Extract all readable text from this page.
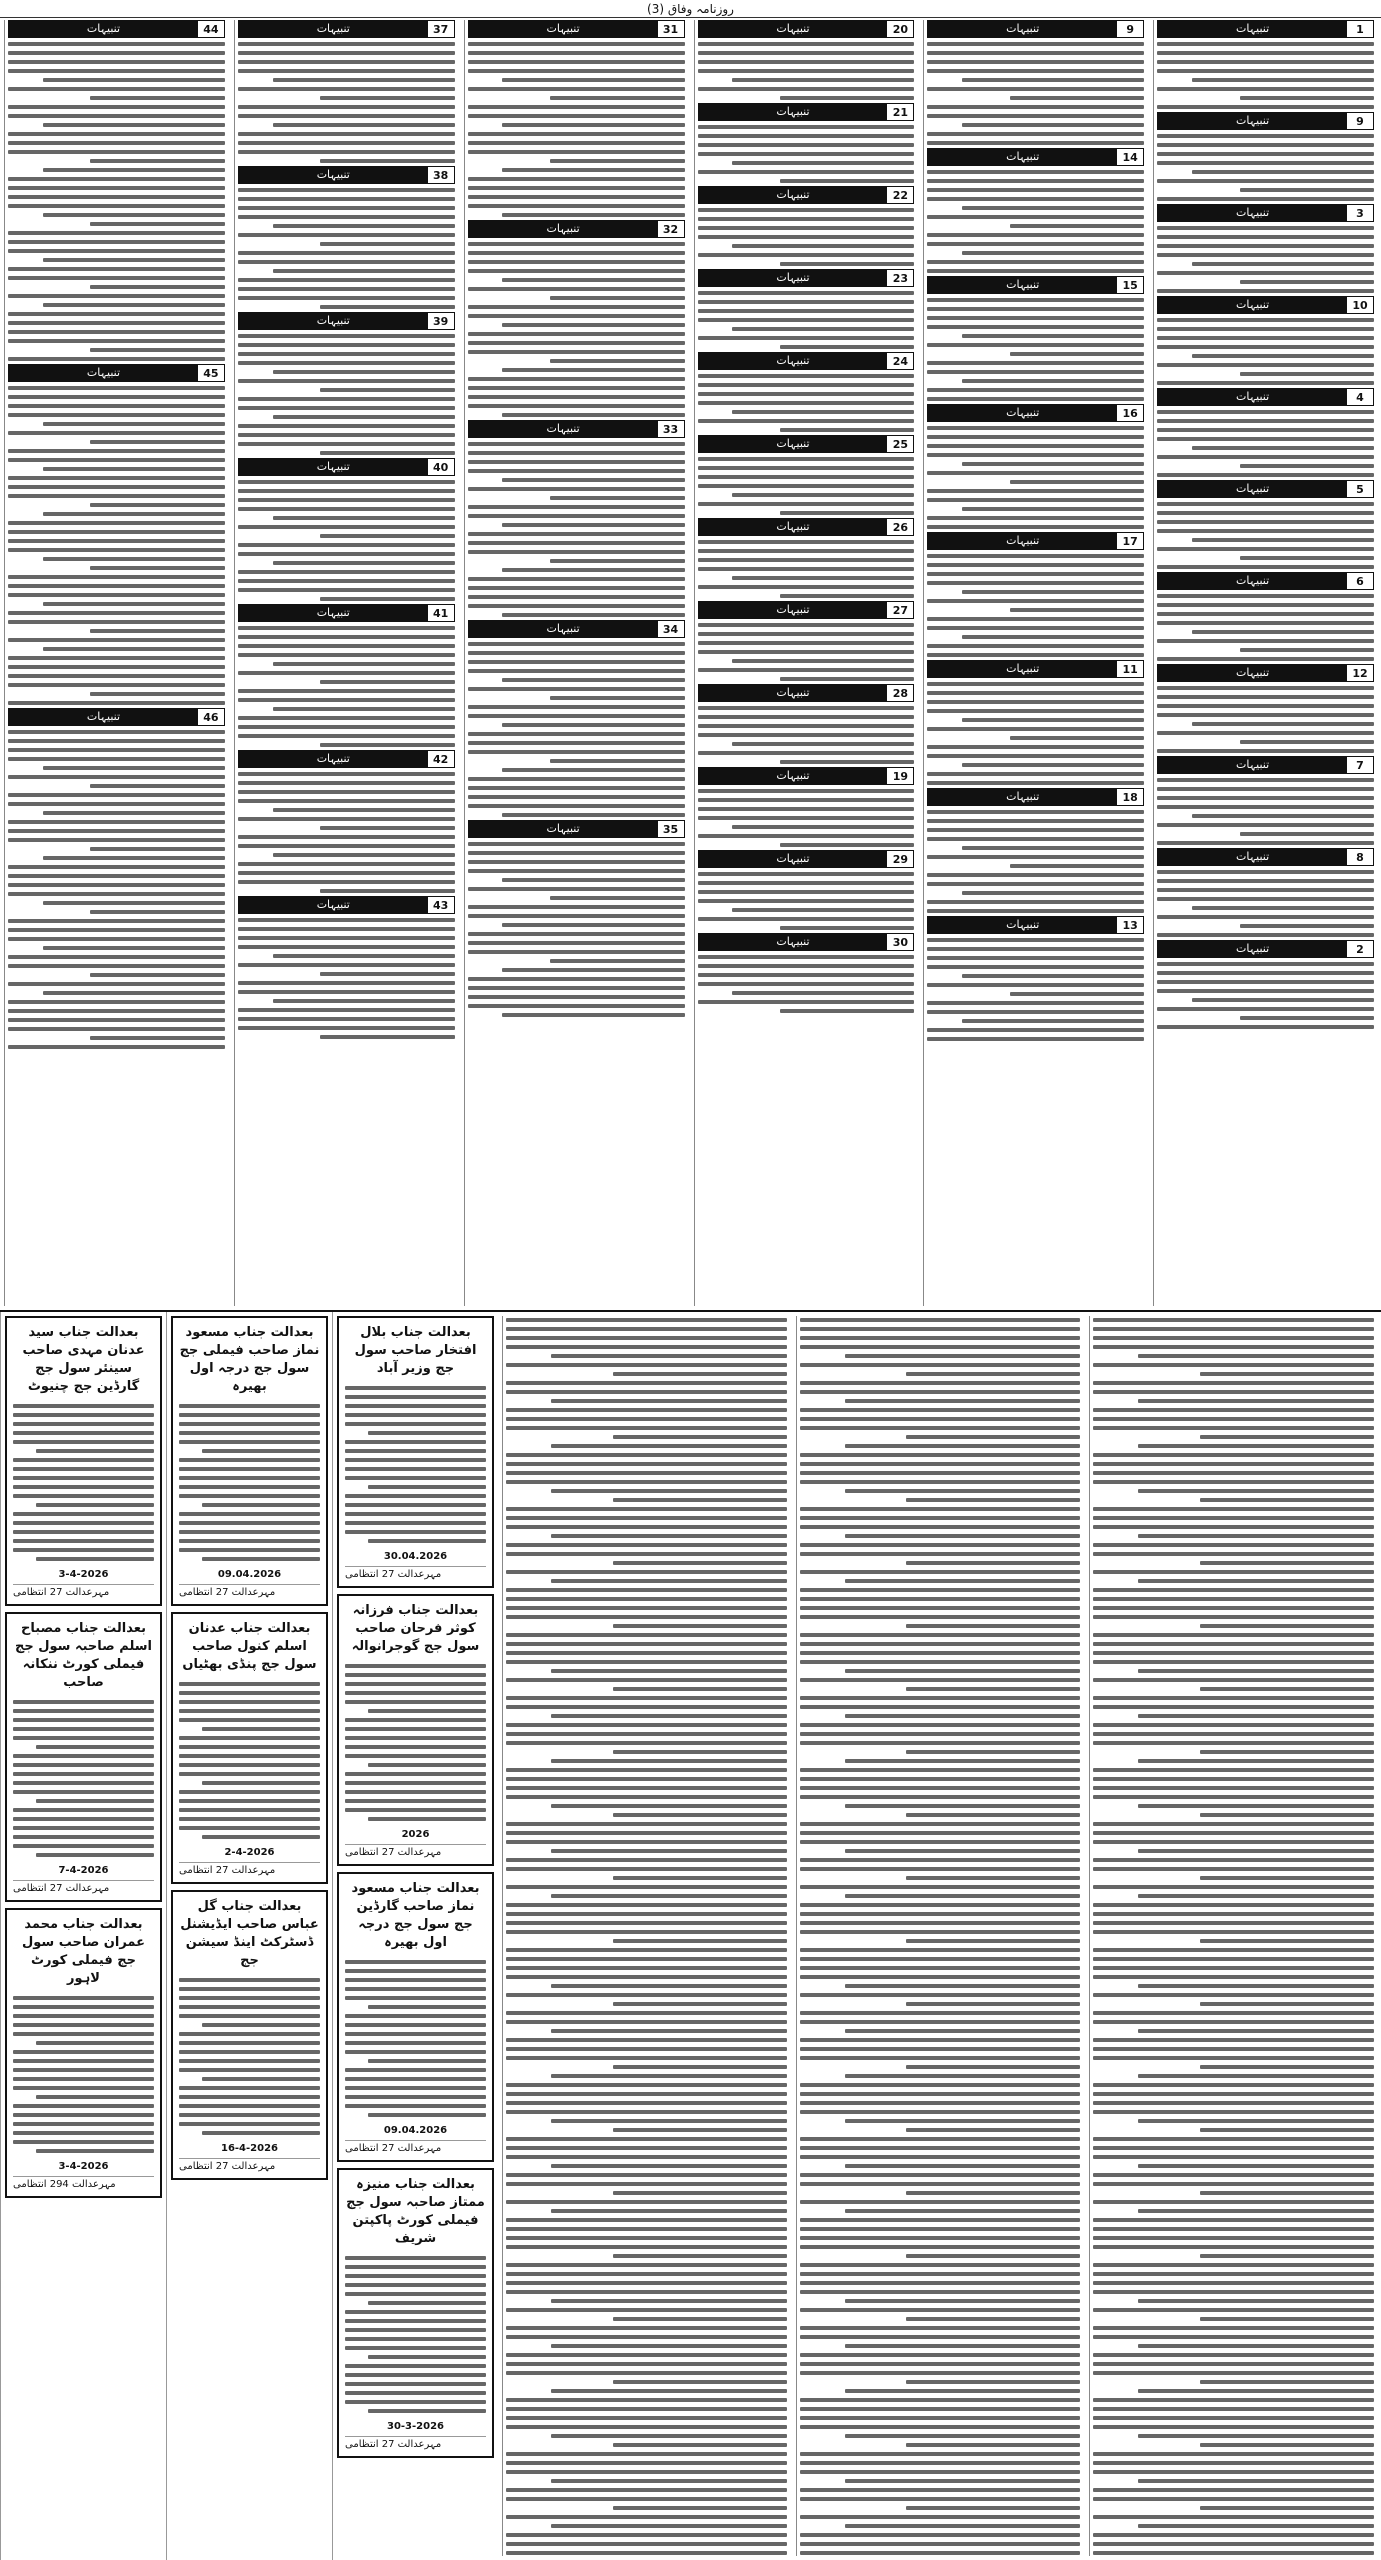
روزنامہ وفاق (3)
1
تنبیہات
9
تنبیہات
3
تنبیہات
10
تنبیہات
4
تنبیہات
5
تنبیہات
6
تنبیہات
12
تنبیہات
7
تنبیہات
8
تنبیہات
2
تنبیہات
9
تنبیہات
14
تنبیہات
15
تنبیہات
16
تنبیہات
17
تنبیہات
11
تنبیہات
18
تنبیہات
13
تنبیہات
20
تنبیہات
21
تنبیہات
22
تنبیہات
23
تنبیہات
24
تنبیہات
25
تنبیہات
26
تنبیہات
27
تنبیہات
28
تنبیہات
19
تنبیہات
29
تنبیہات
30
تنبیہات
31
تنبیہات
32
تنبیہات
33
تنبیہات
34
تنبیہات
35
تنبیہات
37
تنبیہات
38
تنبیہات
39
تنبیہات
40
تنبیہات
41
تنبیہات
42
تنبیہات
43
تنبیہات
44
تنبیہات
45
تنبیہات
46
تنبیہات
بعدالت جناب بلال افتخار صاحب سول جج وزیر آباد
30.04.2026
مہرعدالت 27 انتظامی
بعدالت جناب فرزانہ کوثر فرحان صاحب سول جج گوجرانوالہ
2026
مہرعدالت 27 انتظامی
بعدالت جناب مسعود نماز صاحب گارڈین جج سول جج درجہ اول بھیرہ
09.04.2026
مہرعدالت 27 انتظامی
بعدالت جناب منیزہ ممتاز صاحبہ سول جج فیملی کورٹ پاکپتن شریف
30-3-2026
مہرعدالت 27 انتظامی
بعدالت جناب مسعود نماز صاحب فیملی جج سول جج درجہ اول بھیرہ
09.04.2026
مہرعدالت 27 انتظامی
بعدالت جناب عدنان اسلم کنول صاحب سول جج پنڈی بھٹیاں
2-4-2026
مہرعدالت 27 انتظامی
بعدالت جناب گل عباس صاحب ایڈیشنل ڈسٹرکٹ اینڈ سیشن جج
16-4-2026
مہرعدالت 27 انتظامی
بعدالت جناب سید عدنان مہدی صاحب سینئر سول جج گارڈین جج چنیوٹ
3-4-2026
مہرعدالت 27 انتظامی
بعدالت جناب مصباح اسلم صاحبہ سول جج فیملی کورٹ ننکانہ صاحب
7-4-2026
مہرعدالت 27 انتظامی
بعدالت جناب محمد عمران صاحب سول جج فیملی کورٹ لاہور
3-4-2026
مہرعدالت 294 انتظامی
